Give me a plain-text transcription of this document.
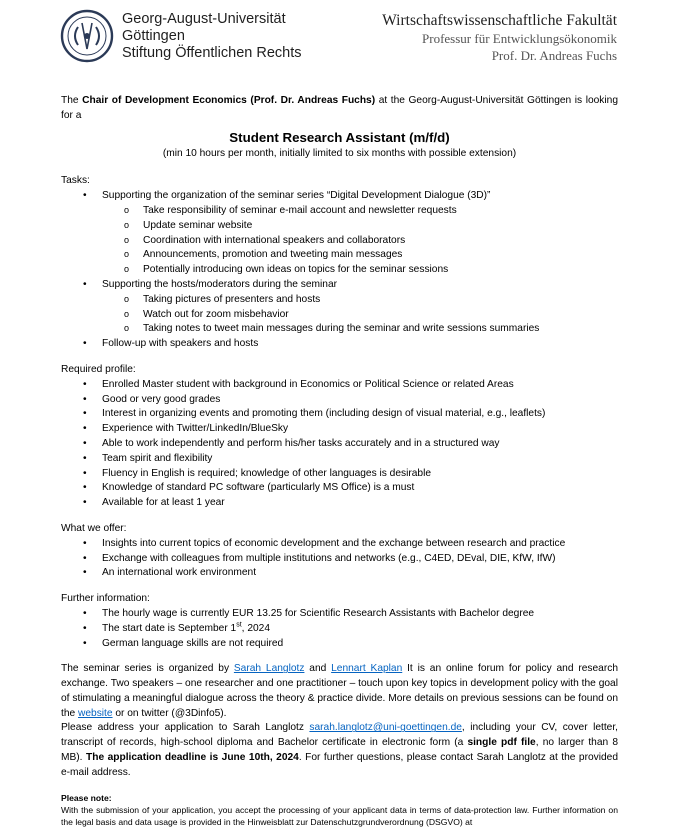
Georg-August-Universität
Göttingen
Stiftung Öffentlichen Rechts
Wirtschaftswissenschaftliche Fakultät
Professur für Entwicklungsökonomik
Prof. Dr. Andreas Fuchs

The Chair of Development Economics (Prof. Dr. Andreas Fuchs) at the Georg-August-Universität Göttingen is looking for a

Student Research Assistant (m/f/d)

(min 10 hours per month, initially limited to six months with possible extension)

Tasks:

• Supporting the organization of the seminar series “Digital Development Dialogue (3D)”
o Take responsibility of seminar e-mail account and newsletter requests
o Update seminar website
o Coordination with international speakers and collaborators
o Announcements, promotion and tweeting main messages
o Potentially introducing own ideas on topics for the seminar sessions
• Supporting the hosts/moderators during the seminar
o Taking pictures of presenters and hosts
o Watch out for zoom misbehavior
o Taking notes to tweet main messages during the seminar and write sessions summaries
• Follow-up with speakers and hosts

Required profile:

• Enrolled Master student with background in Economics or Political Science or related Areas
• Good or very good grades
• Interest in organizing events and promoting them (including design of visual material, e.g., leaflets)
• Experience with Twitter/LinkedIn/BlueSky
• Able to work independently and perform his/her tasks accurately and in a structured way
• Team spirit and flexibility
• Fluency in English is required; knowledge of other languages is desirable
• Knowledge of standard PC software (particularly MS Office) is a must
• Available for at least 1 year

What we offer:

• Insights into current topics of economic development and the exchange between research and practice
• Exchange with colleagues from multiple institutions and networks (e.g., C4ED, DEval, DIE, KfW, IfW)
• An international work environment

Further information:

• The hourly wage is currently EUR 13.25 for Scientific Research Assistants with Bachelor degree
• The start date is September 1st, 2024
• German language skills are not required

The seminar series is organized by Sarah Langlotz and Lennart Kaplan It is an online forum for policy and research exchange. Two speakers – one researcher and one practitioner – touch upon key topics in development policy with the goal of stimulating a meaningful dialogue across the theory & practice divide. More details on previous sessions can be found on the website or on twitter (@3Dinfo5).

Please address your application to Sarah Langlotz sarah.langlotz@uni-goettingen.de, including your CV, cover letter, transcript of records, high-school diploma and Bachelor certificate in electronic form (a single pdf file, no larger than 8 MB). The application deadline is June 10th, 2024. For further questions, please contact Sarah Langlotz at the provided e-mail address.

Please note:

With the submission of your application, you accept the processing of your applicant data in terms of data-protection law. Further information on the legal basis and data usage is provided in the Hinweisblatt zur Datenschutzgrundverordnung (DSGVO) at
